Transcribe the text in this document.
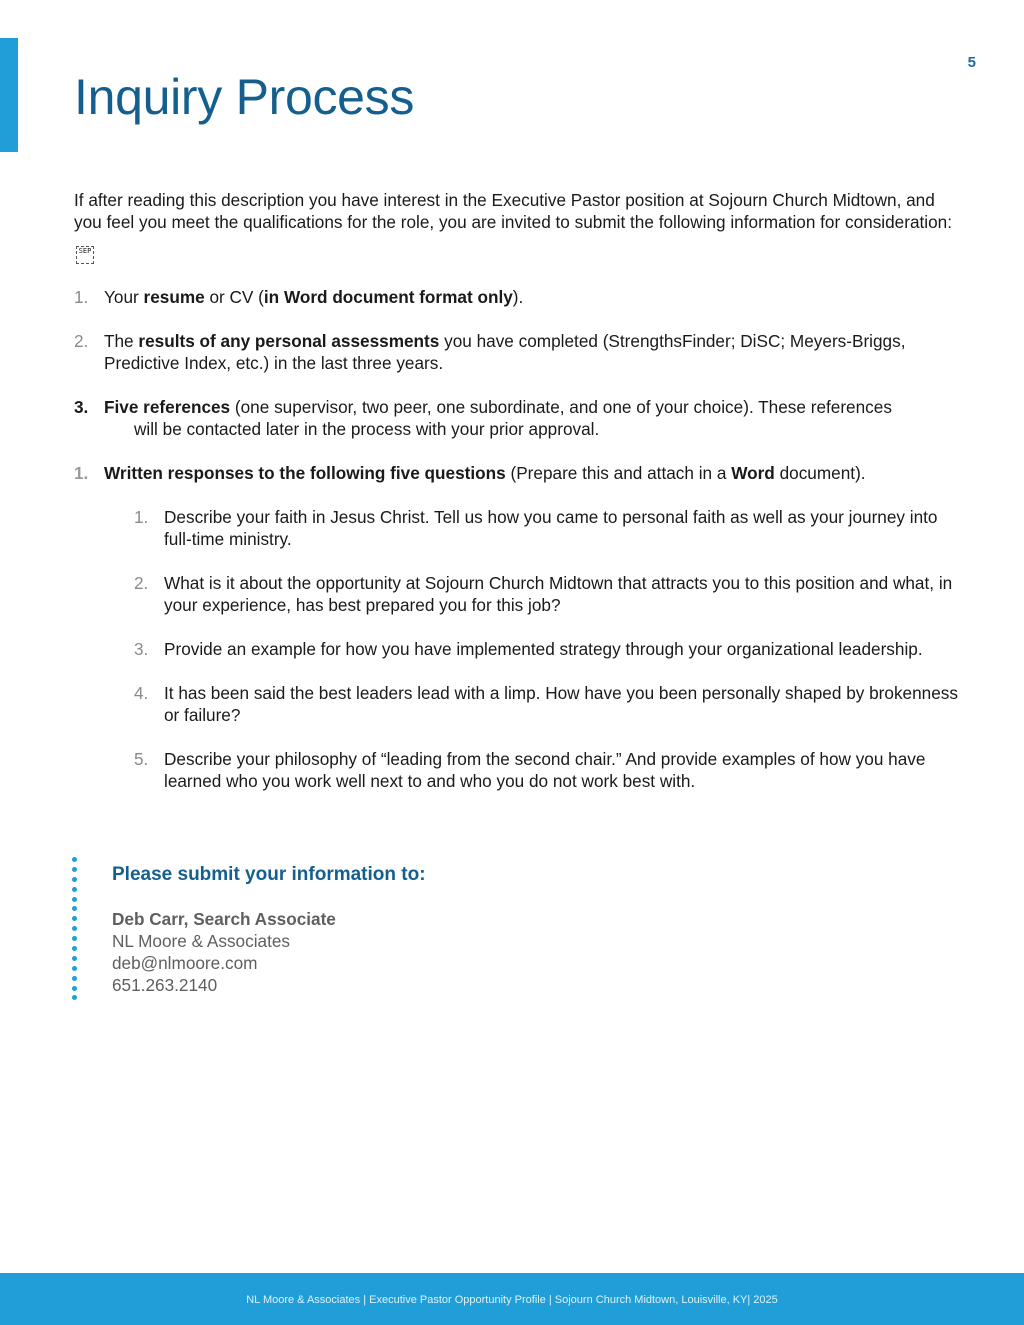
5
Inquiry Process

If after reading this description you have interest in the Executive Pastor position at Sojourn Church Midtown, and you feel you meet the qualifications for the role, you are invited to submit the following information for consideration: SEP

1. Your resume or CV (in Word document format only).
2. The results of any personal assessments you have completed (StrengthsFinder; DiSC; Meyers-Briggs, Predictive Index, etc.) in the last three years.
3. Five references (one supervisor, two peer, one subordinate, and one of your choice). These references
will be contacted later in the process with your prior approval.
1. Written responses to the following five questions (Prepare this and attach in a Word document).
1. Describe your faith in Jesus Christ. Tell us how you came to personal faith as well as your journey into full-time ministry.
2. What is it about the opportunity at Sojourn Church Midtown that attracts you to this position and what, in your experience, has best prepared you for this job?
3. Provide an example for how you have implemented strategy through your organizational leadership.
4. It has been said the best leaders lead with a limp. How have you been personally shaped by brokenness or failure?
5. Describe your philosophy of “leading from the second chair.” And provide examples of how you have learned who you work well next to and who you do not work best with.
Please submit your information to:
Deb Carr, Search Associate
NL Moore & Associates
deb@nlmoore.com
651.263.2140
NL Moore & Associates | Executive Pastor Opportunity Profile | Sojourn Church Midtown, Louisville, KY| 2025
